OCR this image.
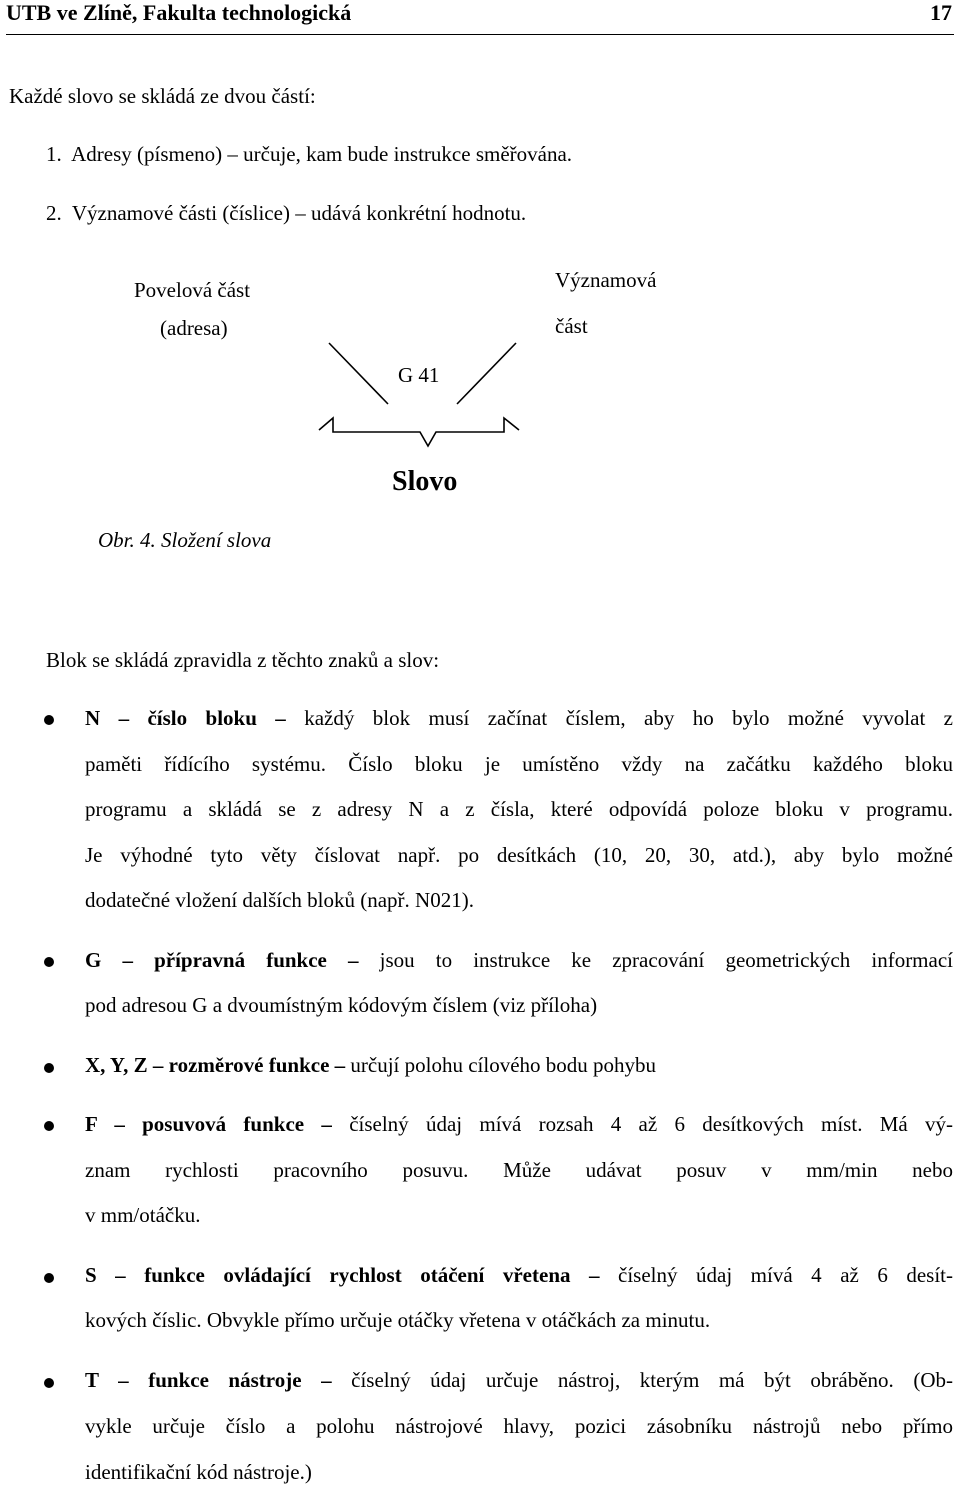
UTB ve Zlíně, Fakulta technologická	17
Každé slovo se skládá ze dvou částí:
1.  Adresy (písmeno) – určuje, kam bude instrukce směřována.
2.  Významové části (číslice) – udává konkrétní hodnotu.
Povelová část
(adresa)
Významová
část
G 41
Slovo
Obr. 4. Složení slova
Blok se skládá zpravidla z těchto znaků a slov:
N – číslo bloku – každý blok musí začínat číslem, aby ho bylo možné vyvolat z
paměti řídícího systému. Číslo bloku je umístěno vždy na začátku každého bloku
programu a skládá se z adresy N a z čísla, které odpovídá poloze bloku v programu.
Je výhodné tyto věty číslovat např. po desítkách (10, 20, 30, atd.), aby bylo možné
dodatečné vložení dalších bloků (např. N021).
G – přípravná funkce – jsou to instrukce ke zpracování geometrických informací
pod adresou G a dvoumístným kódovým číslem (viz příloha)
X, Y, Z – rozměrové funkce – určují polohu cílového bodu pohybu
F – posuvová funkce – číselný údaj mívá rozsah 4 až 6 desítkových míst. Má vý-
znam rychlosti pracovního posuvu. Může udávat posuv v mm/min nebo
v mm/otáčku.
S – funkce ovládající rychlost otáčení vřetena – číselný údaj mívá 4 až 6 desít-
kových číslic. Obvykle přímo určuje otáčky vřetena v otáčkách za minutu.
T – funkce nástroje – číselný údaj určuje nástroj, kterým má být obráběno. (Ob-
vykle určuje číslo a polohu nástrojové hlavy, pozici zásobníku nástrojů nebo přímo
identifikační kód nástroje.)
